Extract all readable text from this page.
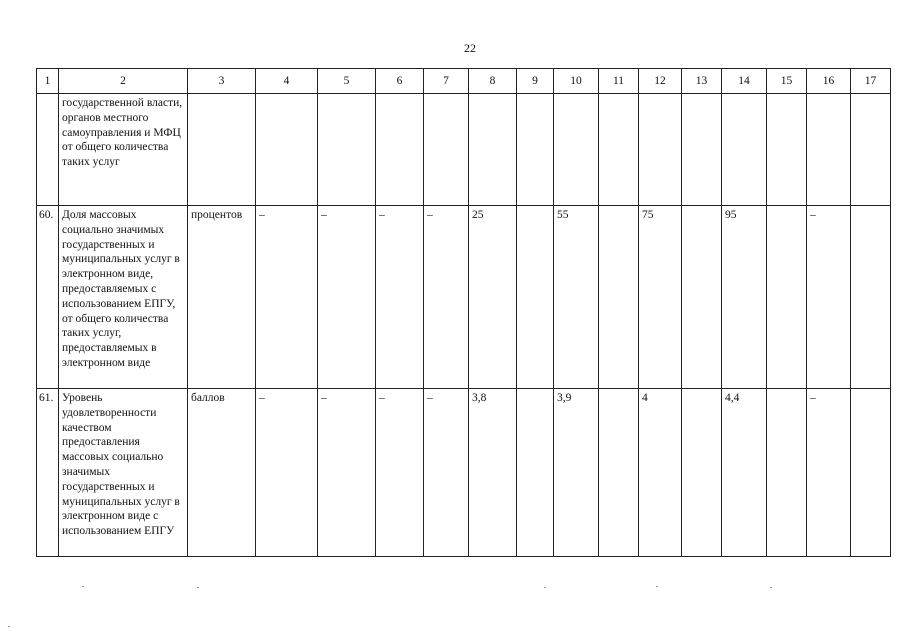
22
1	2	3	4	5	6	7	8	9	10	11	12	13	14	15	16	17
	государственной власти, органов местного самоуправления и МФЦ от общего количества таких услуг															
60.	Доля массовых социально значимых государственных и муниципальных услуг в электронном виде, предоставляемых с использованием ЕПГУ, от общего количества таких услуг, предоставляемых в электронном виде	процентов	–	–	–	–	25		55		75		95		–	
61.	Уровень удовлетворенности качеством предоставления массовых социально значимых государственных и муниципальных услуг в электронном виде с использованием ЕПГУ	баллов	–	–	–	–	3,8		3,9		4		4,4		–	
